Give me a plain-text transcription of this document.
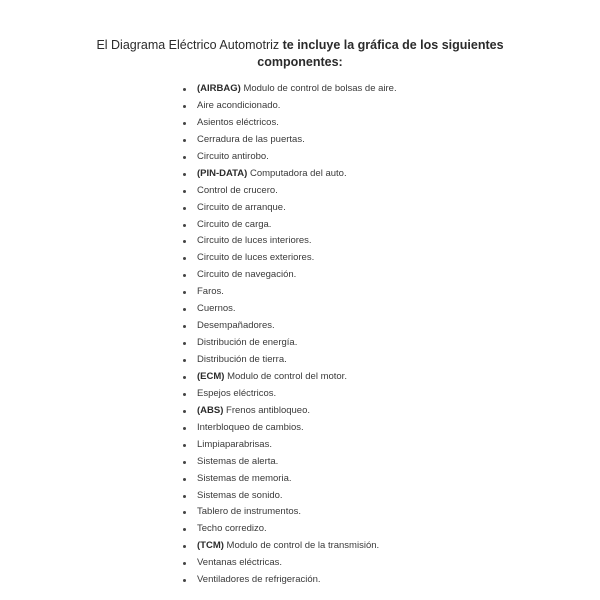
El Diagrama Eléctrico Automotriz te incluye la gráfica de los siguientes componentes:
(AIRBAG) Modulo de control de bolsas de aire.
Aire acondicionado.
Asientos eléctricos.
Cerradura de las puertas.
Circuito antirobo.
(PIN-DATA) Computadora del auto.
Control de crucero.
Circuito de arranque.
Circuito de carga.
Circuito de luces interiores.
Circuito de luces exteriores.
Circuito de navegación.
Faros.
Cuernos.
Desempañadores.
Distribución de energía.
Distribución de tierra.
(ECM) Modulo de control del motor.
Espejos eléctricos.
(ABS) Frenos antibloqueo.
Interbloqueo de cambios.
Limpiaparabrisas.
Sistemas de alerta.
Sistemas de memoria.
Sistemas de sonido.
Tablero de instrumentos.
Techo corredizo.
(TCM) Modulo de control de la transmisión.
Ventanas eléctricas.
Ventiladores de refrigeración.
